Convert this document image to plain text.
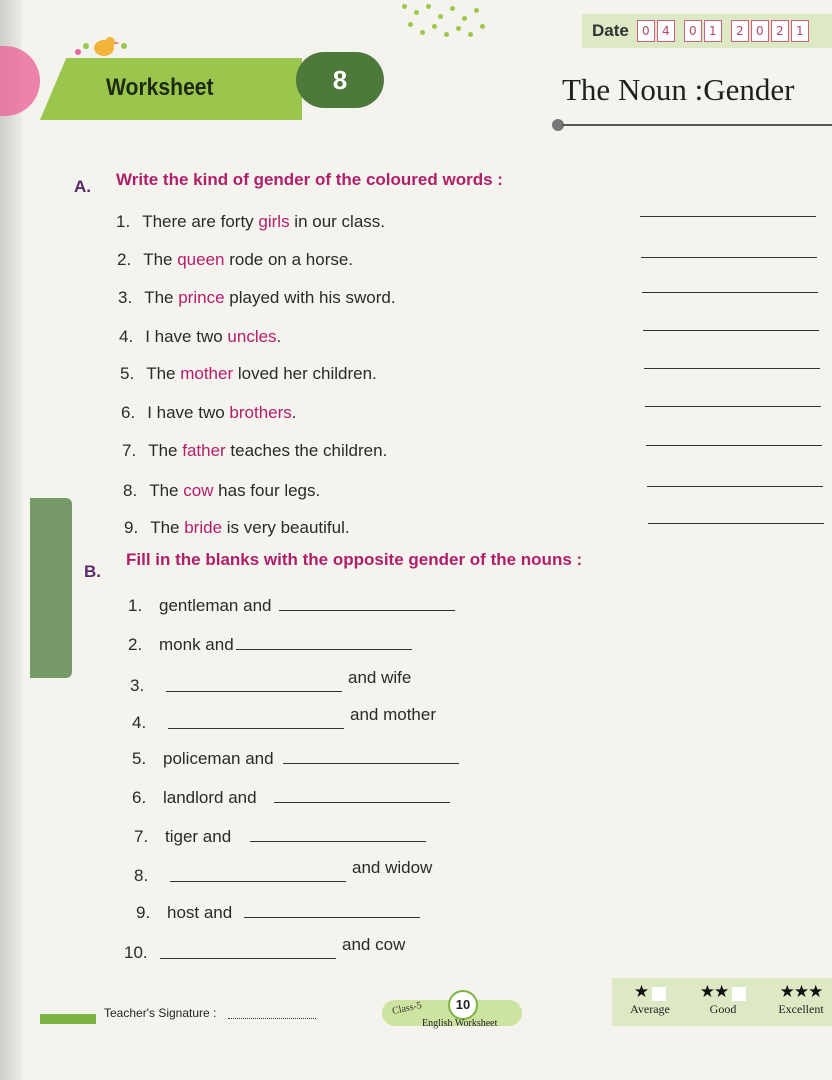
Date	0	4	0	1	2	0	2	1
Worksheet	8	The Noun :Gender
A. Write the kind of gender of the coloured words :
1. There are forty girls in our class.
2. The queen rode on a horse.
3. The prince played with his sword.
4. I have two uncles.
5. The mother loved her children.
6. I have two brothers.
7. The father teaches the children.
8. The cow has four legs.
9. The bride is very beautiful.
B.
Fill in the blanks with the opposite gender of the nouns :
1. gentleman and
2. monk and
3.	and wife
4.	and mother
5. policeman and
6. landlord and
7. tiger and
8.	and widow
9. host and
10.	and cow
Teacher's Signature :	Class-5	10
English Worksheet
★
Average
★★
Good
★★★
Excellent
